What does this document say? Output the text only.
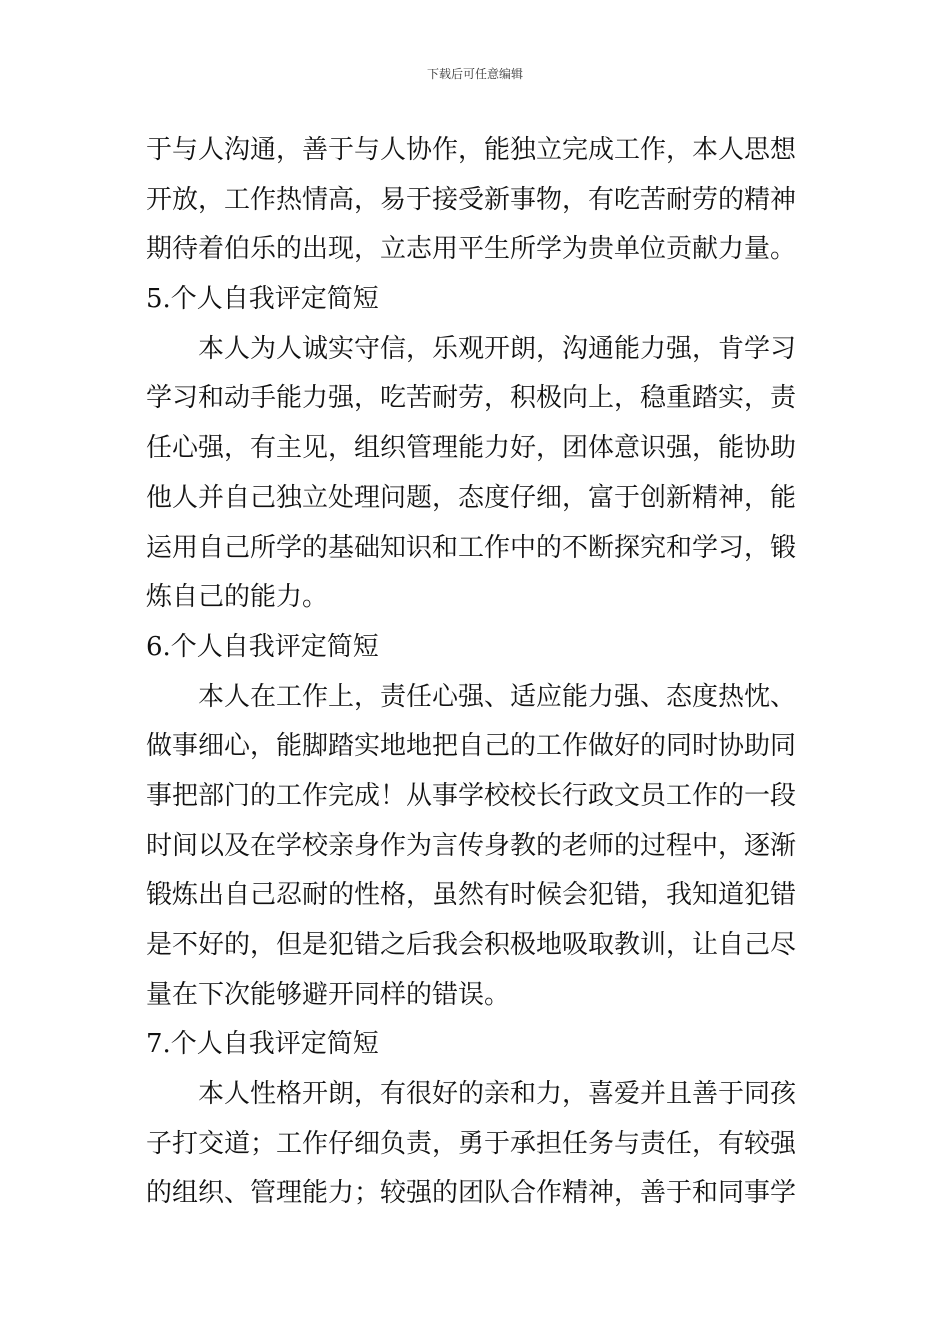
下载后可任意编辑
于与人沟通，善于与人协作，能独立完成工作，本人思想
开放，工作热情高，易于接受新事物，有吃苦耐劳的精神
期待着伯乐的出现，立志用平生所学为贵单位贡献力量。
5.个人自我评定简短
本人为人诚实守信，乐观开朗，沟通能力强，肯学习
学习和动手能力强，吃苦耐劳，积极向上，稳重踏实，责
任心强，有主见，组织管理能力好，团体意识强，能协助
他人并自己独立处理问题，态度仔细，富于创新精神，能
运用自己所学的基础知识和工作中的不断探究和学习，锻
炼自己的能力。
6.个人自我评定简短
本人在工作上，责任心强、适应能力强、态度热忱、
做事细心，能脚踏实地地把自己的工作做好的同时协助同
事把部门的工作完成！从事学校校长行政文员工作的一段
时间以及在学校亲身作为言传身教的老师的过程中，逐渐
锻炼出自己忍耐的性格，虽然有时候会犯错，我知道犯错
是不好的，但是犯错之后我会积极地吸取教训，让自己尽
量在下次能够避开同样的错误。
7.个人自我评定简短
本人性格开朗，有很好的亲和力，喜爱并且善于同孩
子打交道；工作仔细负责，勇于承担任务与责任，有较强
的组织、管理能力；较强的团队合作精神，善于和同事学
